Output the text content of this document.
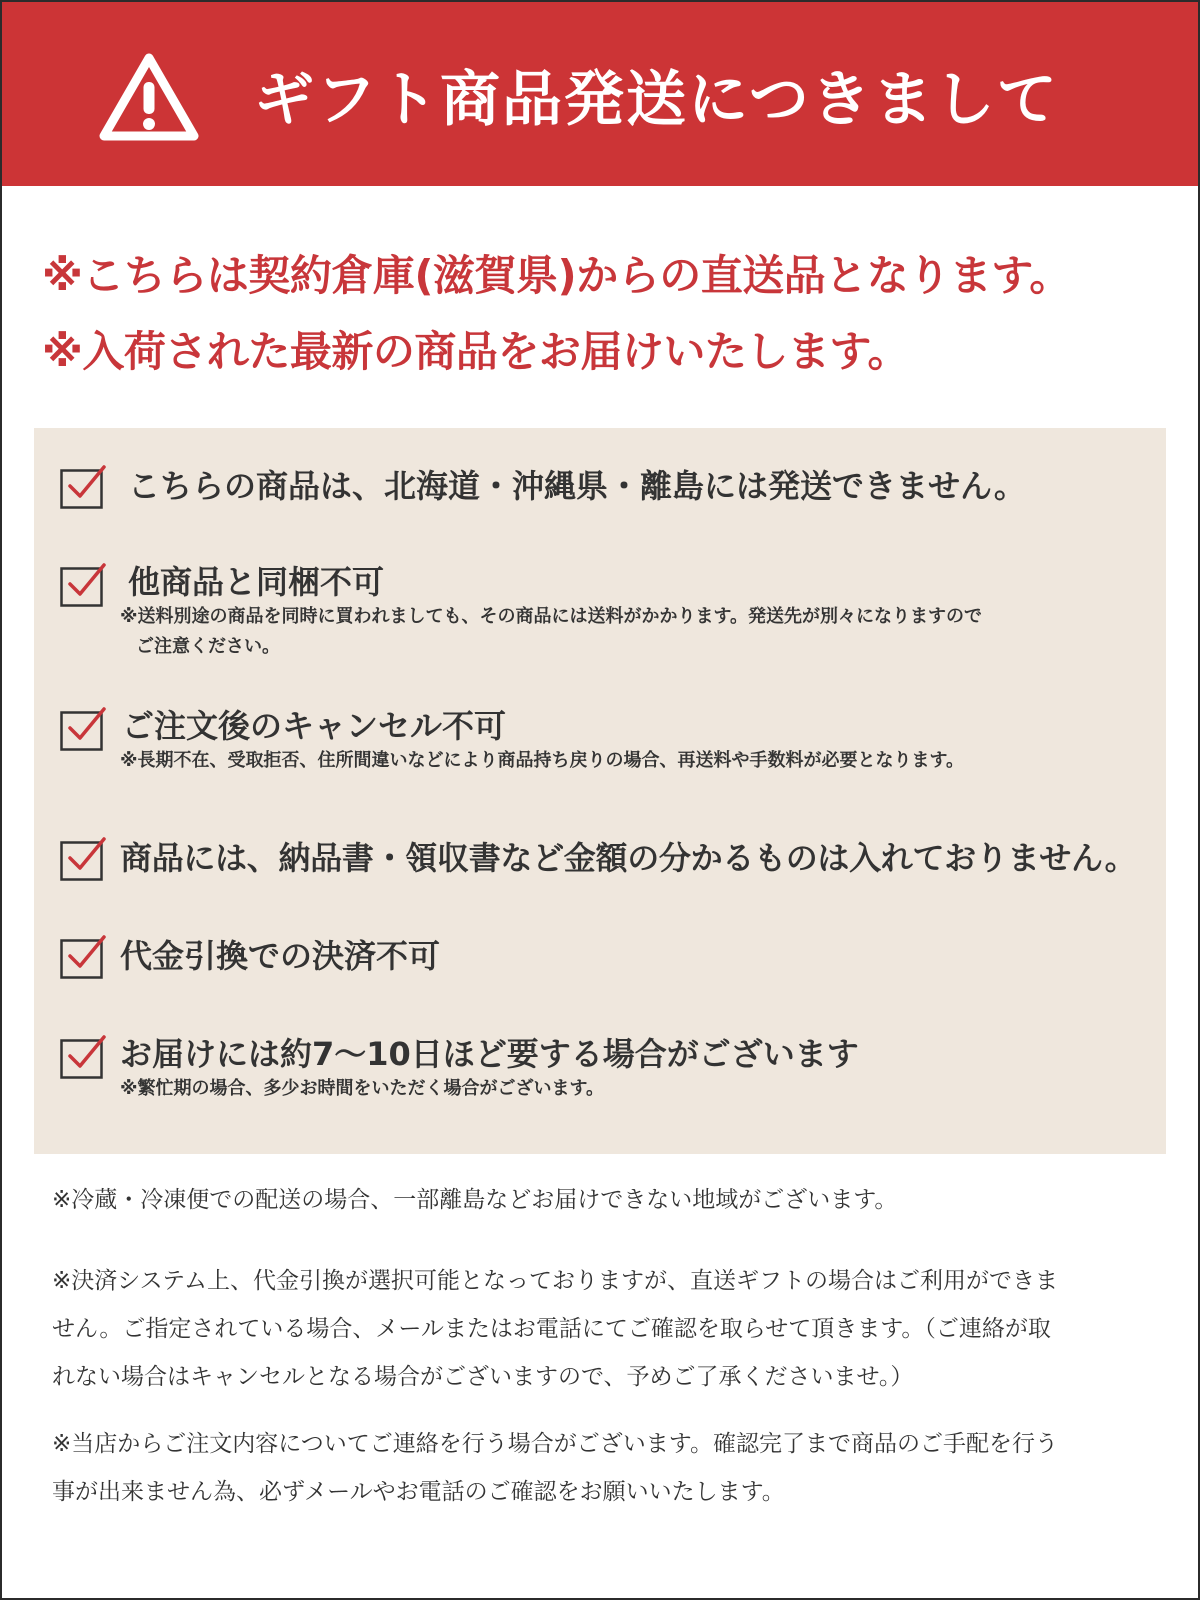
ギフト商品発送につきまして
※こちらは契約倉庫(滋賀県)からの直送品となります。
※入荷された最新の商品をお届けいたします。
こちらの商品は、北海道・沖縄県・離島には発送できません。
他商品と同梱不可
※送料別途の商品を同時に買われましても、その商品には送料がかかります。発送先が別々になりますので
ご注意ください。
ご注文後のキャンセル不可
※長期不在、受取拒否、住所間違いなどにより商品持ち戻りの場合、再送料や手数料が必要となります。
商品には、納品書・領収書など金額の分かるものは入れておりません。
代金引換での決済不可
お届けには約7〜10日ほど要する場合がございます
※繁忙期の場合、多少お時間をいただく場合がございます。
※冷蔵・冷凍便での配送の場合、一部離島などお届けできない地域がございます。
※決済システム上、代金引換が選択可能となっておりますが、直送ギフトの場合はご利用ができま
せん。ご指定されている場合、メールまたはお電話にてご確認を取らせて頂きます。（ご連絡が取
れない場合はキャンセルとなる場合がございますので、予めご了承くださいませ。）
※当店からご注文内容についてご連絡を行う場合がございます。確認完了まで商品のご手配を行う
事が出来ません為、必ずメールやお電話のご確認をお願いいたします。
